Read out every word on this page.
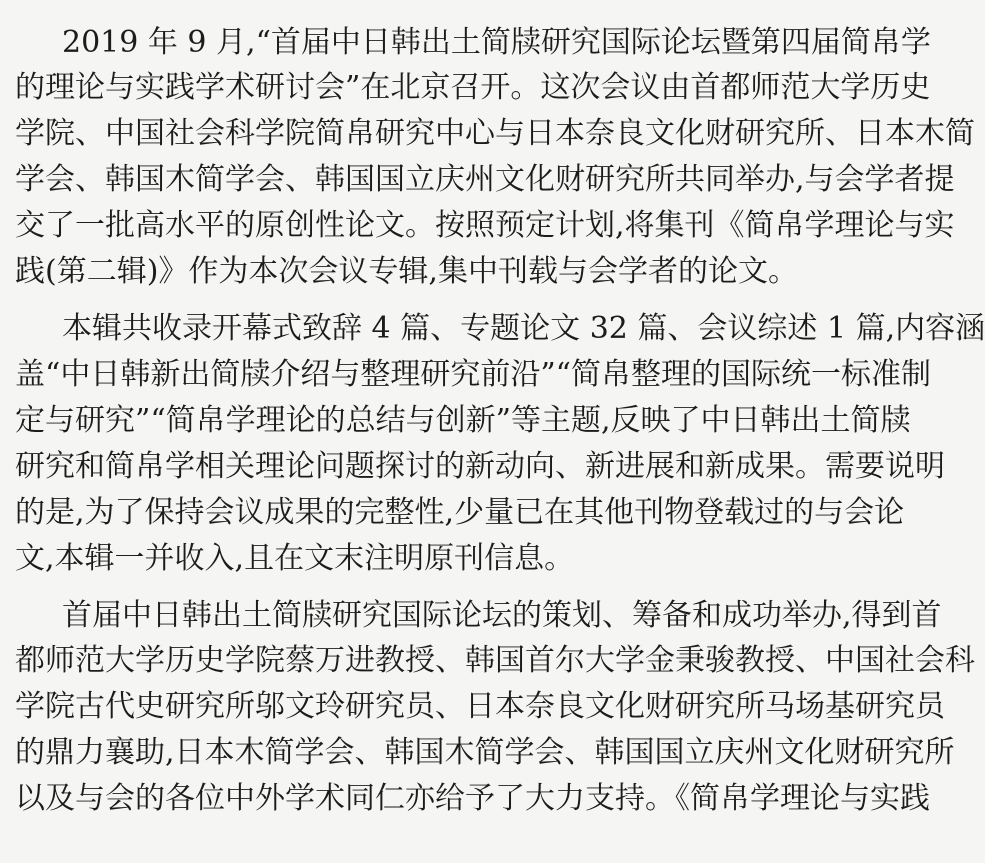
2019 年 9 月,“首届中日韩出土简牍研究国际论坛暨第四届简帛学
的理论与实践学术研讨会”在北京召开。这次会议由首都师范大学历史
学院、中国社会科学院简帛研究中心与日本奈良文化财研究所、日本木简
学会、韩国木简学会、韩国国立庆州文化财研究所共同举办,与会学者提
交了一批高水平的原创性论文。按照预定计划,将集刊《简帛学理论与实
践(第二辑)》作为本次会议专辑,集中刊载与会学者的论文。
本辑共收录开幕式致辞 4 篇、专题论文 32 篇、会议综述 1 篇,内容涵
盖“中日韩新出简牍介绍与整理研究前沿”“简帛整理的国际统一标准制
定与研究”“简帛学理论的总结与创新”等主题,反映了中日韩出土简牍
研究和简帛学相关理论问题探讨的新动向、新进展和新成果。需要说明
的是,为了保持会议成果的完整性,少量已在其他刊物登载过的与会论
文,本辑一并收入,且在文末注明原刊信息。
首届中日韩出土简牍研究国际论坛的策划、筹备和成功举办,得到首
都师范大学历史学院蔡万进教授、韩国首尔大学金秉骏教授、中国社会科
学院古代史研究所邬文玲研究员、日本奈良文化财研究所马场基研究员
的鼎力襄助,日本木简学会、韩国木简学会、韩国国立庆州文化财研究所
以及与会的各位中外学术同仁亦给予了大力支持。《简帛学理论与实践
